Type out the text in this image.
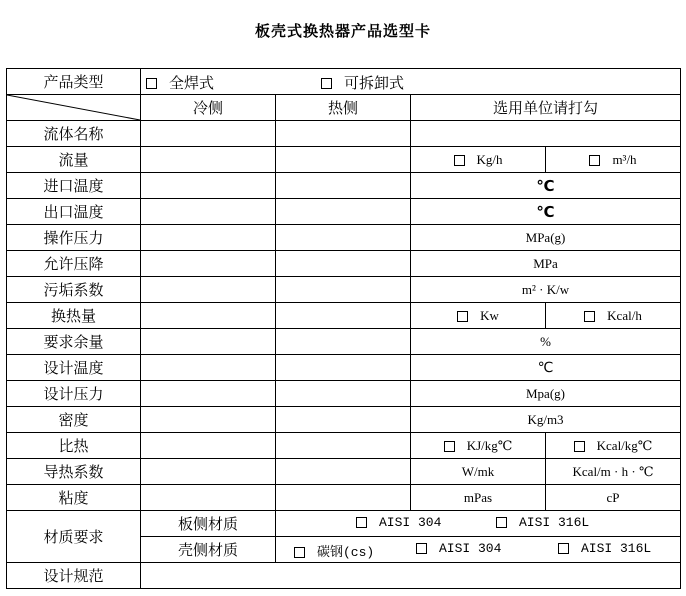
板壳式换热器产品选型卡
产品类型	全焊式 可拆卸式			

	冷侧	热侧	选用单位请打勾	
流体名称				
流量			Kg/h	m³/h
进口温度			℃	
出口温度			℃	
操作压力			MPa(g)	
允许压降			MPa	
污垢系数			m² · K/w	
换热量			Kw	Kcal/h
要求余量			%	
设计温度			℃	
设计压力			Mpa(g)	
密度			Kg/m3	
比热			KJ/kg℃	Kcal/kg℃
导热系数			W/mk	Kcal/m · h · ℃
粘度			mPas	cP
材质要求	板侧材质	AISI 304 AISI 316L		

	壳侧材质	碳钢(cs) AISI 304 AISI 316L		

设计规范				
